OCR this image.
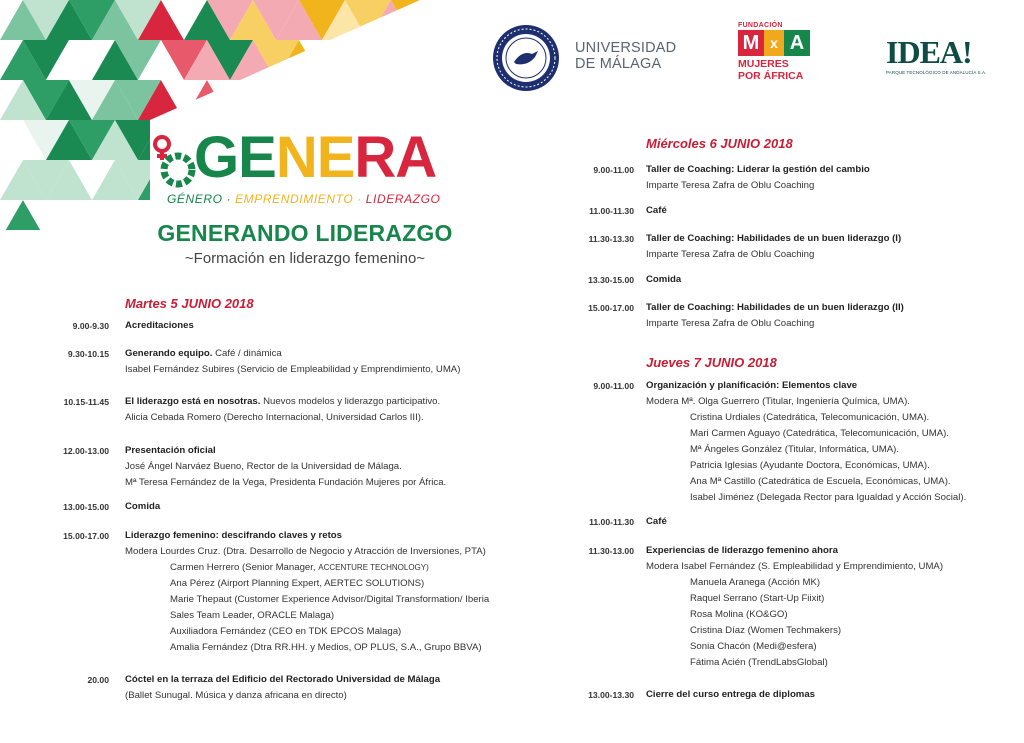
UNIVERSIDAD
DE MÁLAGA
FUNDACIÓN
M x A
MUJERES
POR ÁFRICA
IDEA!
PARQUE TECNOLÓGICO DE ANDALUCÍA S.A.
GENERA
GÉNERO · EMPRENDIMIENTO · LIDERAZGO
GENERANDO LIDERAZGO
~Formación en liderazgo femenino~
Martes 5 JUNIO 2018
9.00-9.30 Acreditaciones
9.30-10.15 Generando equipo. Café / dinámica
Isabel Fernández Subires (Servicio de Empleabilidad y Emprendimiento, UMA)
10.15-11.45 El liderazgo está en nosotras. Nuevos modelos y liderazgo participativo.
Alicia Cebada Romero (Derecho Internacional, Universidad Carlos III).
12.00-13.00 Presentación oficial
José Ángel Narváez Bueno, Rector de la Universidad de Málaga.
Mª Teresa Fernández de la Vega, Presidenta Fundación Mujeres por África.
13.00-15.00 Comida
15.00-17.00 Liderazgo femenino: descifrando claves y retos
Modera Lourdes Cruz. (Dtra. Desarrollo de Negocio y Atracción de Inversiones, PTA)
Carmen Herrero (Senior Manager, ACCENTURE TECHNOLOGY)
Ana Pérez (Airport Planning Expert, AERTEC SOLUTIONS)
Marie Thepaut (Customer Experience Advisor/Digital Transformation/ Iberia
Sales Team Leader, ORACLE Malaga)
Auxiliadora Fernández (CEO en TDK EPCOS Malaga)
Amalia Fernández (Dtra RR.HH. y Medios, OP PLUS, S.A., Grupo BBVA)
20.00 Cóctel en la terraza del Edificio del Rectorado Universidad de Málaga
(Ballet Sunugal. Música y danza africana en directo)
Miércoles 6 JUNIO 2018
9.00-11.00 Taller de Coaching: Liderar la gestión del cambio
Imparte Teresa Zafra de Oblu Coaching
11.00-11.30 Café
11.30-13.30 Taller de Coaching: Habilidades de un buen liderazgo (I)
Imparte Teresa Zafra de Oblu Coaching
13.30-15.00 Comida
15.00-17.00 Taller de Coaching: Habilidades de un buen liderazgo (II)
Imparte Teresa Zafra de Oblu Coaching
Jueves 7 JUNIO 2018
9.00-11.00 Organización y planificación: Elementos clave
Modera Mª. Olga Guerrero (Titular, Ingeniería Química, UMA).
Cristina Urdiales (Catedrática, Telecomunicación, UMA).
Mari Carmen Aguayo (Catedrática, Telecomunicación, UMA).
Mª Ángeles González (Titular, Informática, UMA).
Patricia Iglesias (Ayudante Doctora, Económicas, UMA).
Ana Mª Castillo (Catedrática de Escuela, Económicas, UMA).
Isabel Jiménez (Delegada Rector para Igualdad y Acción Social).
11.00-11.30 Café
11.30-13.00 Experiencias de liderazgo femenino ahora
Modera Isabel Fernández (S. Empleabilidad y Emprendimiento, UMA)
Manuela Aranega (Acción MK)
Raquel Serrano (Start-Up Fiixit)
Rosa Molina (KO&GO)
Cristina Díaz (Women Techmakers)
Sonia Chacón (Medi@esfera)
Fátima Acién (TrendLabsGlobal)
13.00-13.30 Cierre del curso entrega de diplomas
